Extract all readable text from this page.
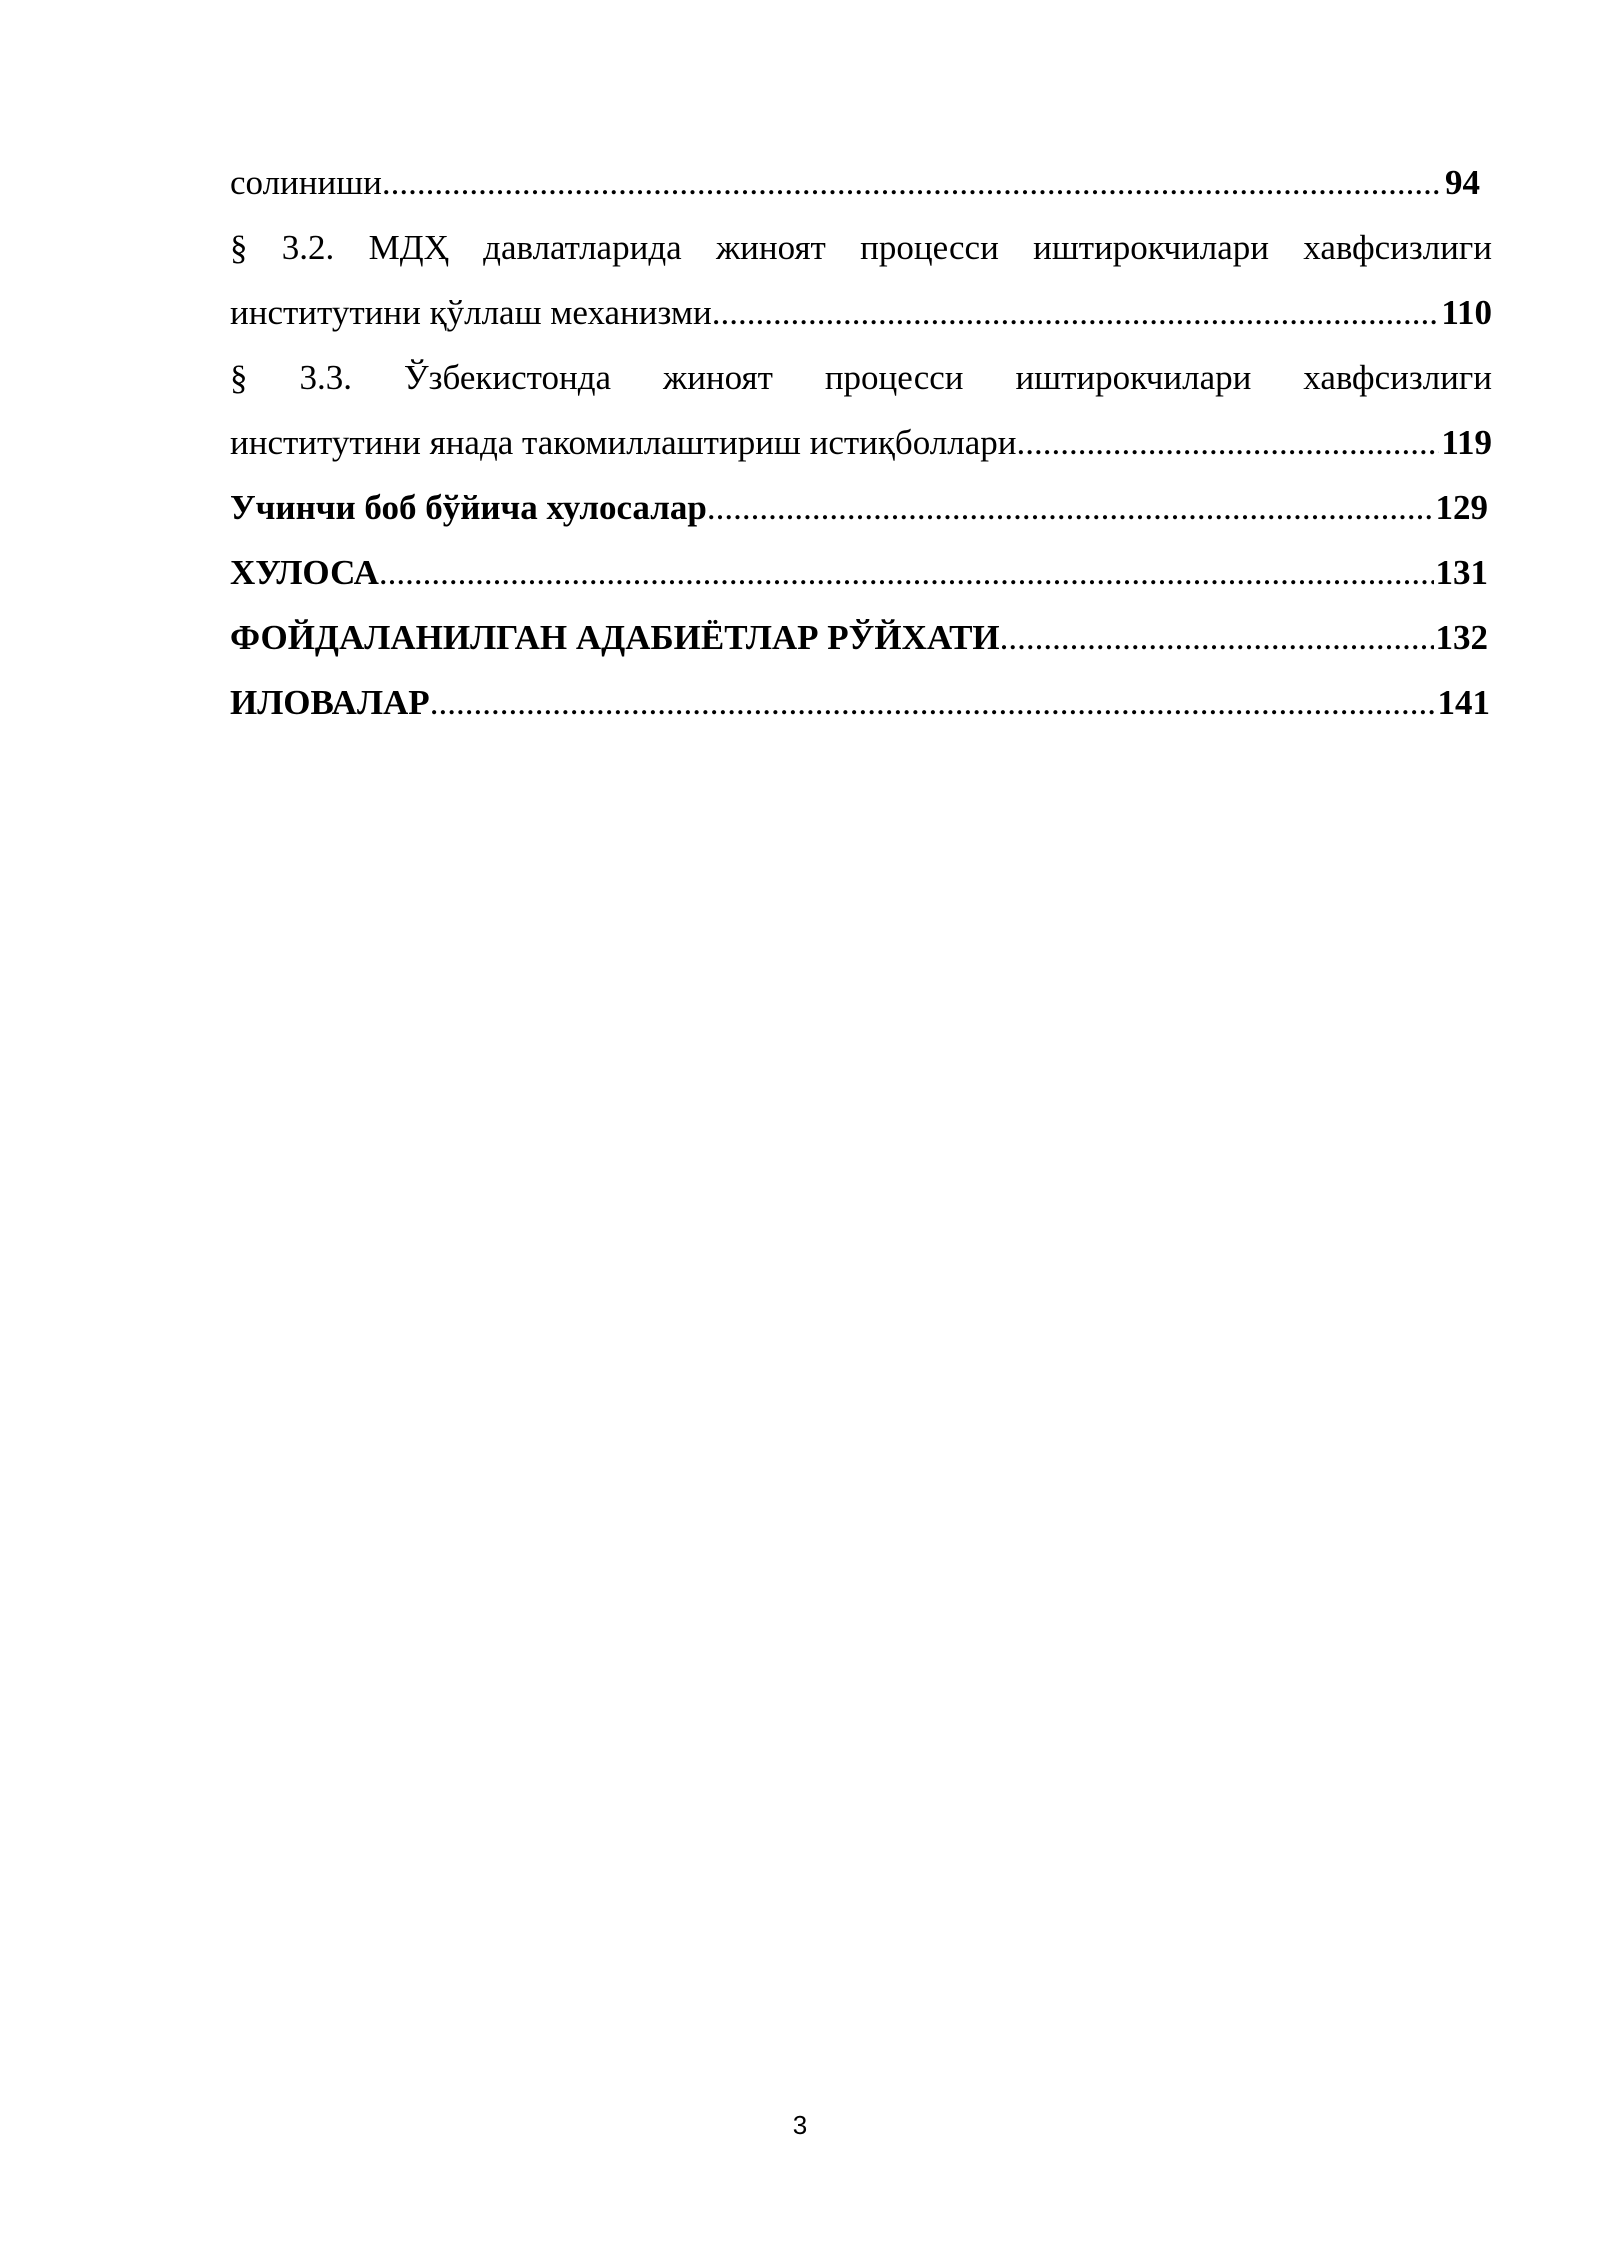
солиниши .....	94
§ 3.2. МДҲ давлатларида жиноят процесси иштирокчилари хавфсизлиги
институтини қўллаш механизми .....	110
§ 3.3. Ўзбекистонда жиноят процесси иштирокчилари хавфсизлиги
институтини янада такомиллаштириш истиқболлари .....	119
Учинчи боб бўйича хулосалар .....	129
ХУЛОСА .....	131
ФОЙДАЛАНИЛГАН АДАБИЁТЛАР РЎЙХАТИ .....	132
ИЛОВАЛАР .....	141
3
